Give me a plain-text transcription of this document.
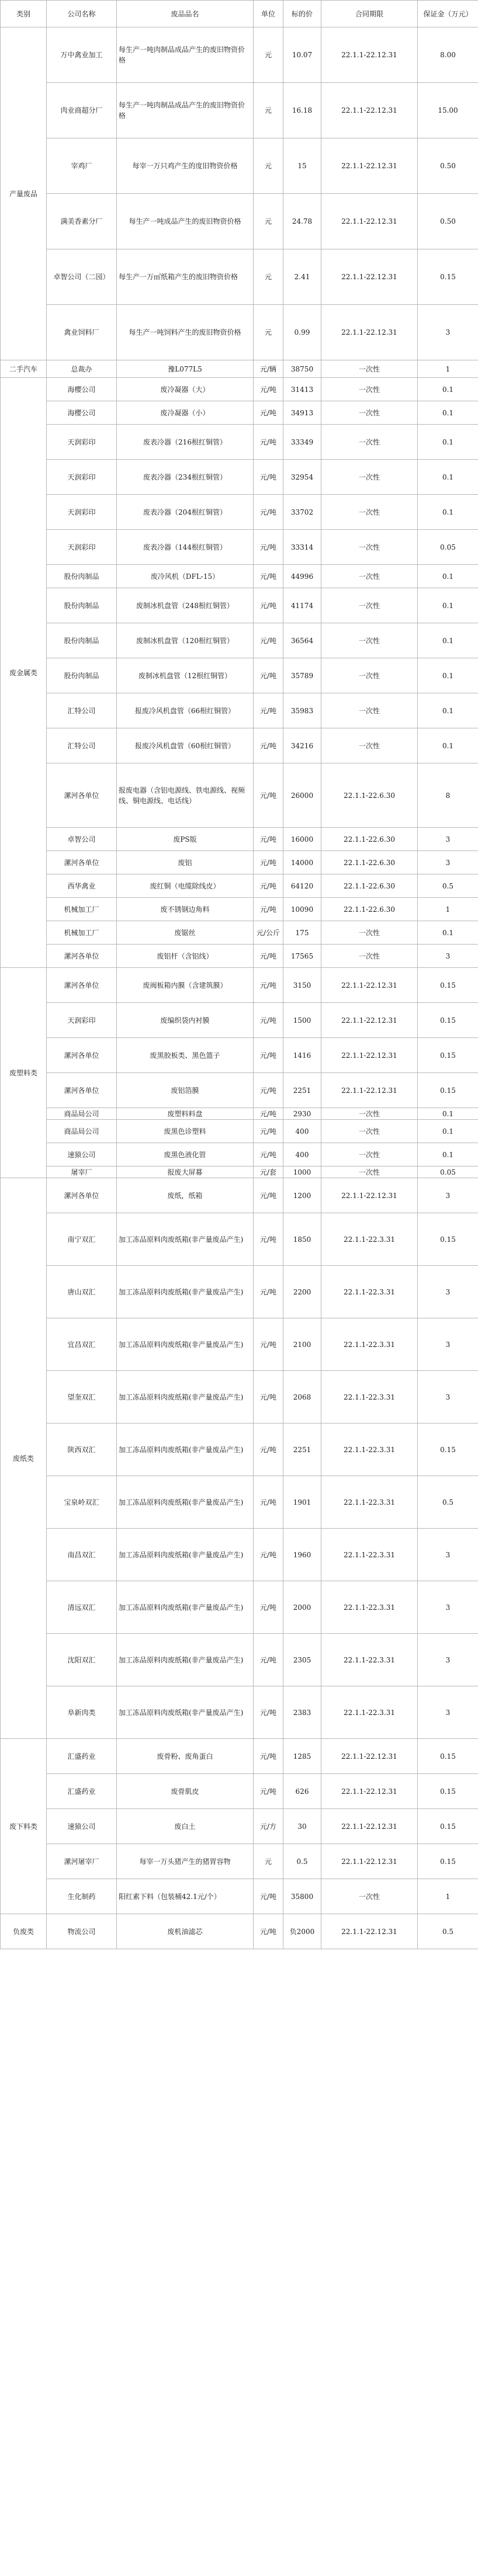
类别	公司名称	废品品名	单位	标的价	合同期限	保证金（万元）
产量废品	万中禽业加工	每生产一吨肉制品成品产生的废旧物资价格	元	10.07	22.1.1-22.12.31	8.00
	肉业商超分厂	每生产一吨肉制品成品产生的废旧物资价格	元	16.18	22.1.1-22.12.31	15.00
	宰鸡厂	每宰一万只鸡产生的度旧物资价格	元	15	22.1.1-22.12.31	0.50
	满美香素分厂	每生产一吨成品产生的废旧物资价格	元	24.78	22.1.1-22.12.31	0.50
	卓智公司（二园）	每生产一万㎡纸箱产生的废旧物资价格	元	2.41	22.1.1-22.12.31	0.15
	禽业饲料厂	每生产一吨饲料产生的废旧物资价格	元	0.99	22.1.1-22.12.31	3
二手汽车	总裁办	豫L077L5	元/辆	38750	一次性	1
废金属类	海樱公司	废冷凝器（大）	元/吨	31413	一次性	0.1
	海樱公司	废冷凝器（小）	元/吨	34913	一次性	0.1
	天润彩印	废表冷器（216根红铜管）	元/吨	33349	一次性	0.1
	天润彩印	废表冷器（234根红铜管）	元/吨	32954	一次性	0.1
	天润彩印	废表冷器（204根红铜管）	元/吨	33702	一次性	0.1
	天润彩印	废表冷器（144根红铜管）	元/吨	33314	一次性	0.05
	股份肉制品	废冷风机（DFL-15）	元/吨	44996	一次性	0.1
	股份肉制品	废制冰机盘管（248根红铜管）	元/吨	41174	一次性	0.1
	股份肉制品	废制冰机盘管（120根红铜管）	元/吨	36564	一次性	0.1
	股份肉制品	废制冰机盘管（12根红铜管）	元/吨	35789	一次性	0.1
	汇特公司	报废冷风机盘管（66根红铜管）	元/吨	35983	一次性	0.1
	汇特公司	报废冷风机盘管（60根红铜管）	元/吨	34216	一次性	0.1
	漯河各单位	报废电器（含铝电源线、铁电源线、视频线、铜电源线、电话线）	元/吨	26000	22.1.1-22.6.30	8
	卓智公司	废PS版	元/吨	16000	22.1.1-22.6.30	3
	漯河各单位	废铝	元/吨	14000	22.1.1-22.6.30	3
	西华禽业	废红铜（电缆除线皮）	元/吨	64120	22.1.1-22.6.30	0.5
	机械加工厂	废不锈钢边角料	元/吨	10090	22.1.1-22.6.30	1
	机械加工厂	废锯丝	元/公斤	175	一次性	0.1
	漯河各单位	废铝杆（含铝线）	元/吨	17565	一次性	3
废塑料类	漯河各单位	废阀板箱内膜（含建筑膜）	元/吨	3150	22.1.1-22.12.31	0.15
	天润彩印	废编织袋内衬膜	元/吨	1500	22.1.1-22.12.31	0.15
	漯河各单位	废黑胶板类、黑色篮子	元/吨	1416	22.1.1-22.12.31	0.15
	漯河各单位	废铝箔膜	元/吨	2251	22.1.1-22.12.31	0.15
	商品局公司	废塑料料盘	元/吨	2930	一次性	0.1
	商品局公司	废黑色诊塑料	元/吨	400	一次性	0.1
	速猿公司	废黑色液化管	元/吨	400	一次性	0.1
	屠宰厂	报废大屏幕	元/套	1000	一次性	0.05
废纸类	漯河各单位	废纸，纸箱	元/吨	1200	22.1.1-22.12.31	3
	南宁双汇	加工冻品原料肉废纸箱(非产量废品产生)	元/吨	1850	22.1.1-22.3.31	0.15
	唐山双汇	加工冻品原料肉废纸箱(非产量废品产生)	元/吨	2200	22.1.1-22.3.31	3
	宜昌双汇	加工冻品原料肉废纸箱(非产量废品产生)	元/吨	2100	22.1.1-22.3.31	3
	望奎双汇	加工冻品原料肉废纸箱(非产量废品产生)	元/吨	2068	22.1.1-22.3.31	3
	陕西双汇	加工冻品原料肉废纸箱(非产量废品产生)	元/吨	2251	22.1.1-22.3.31	0.15
	宝泉岭双汇	加工冻品原料肉废纸箱(非产量废品产生)	元/吨	1901	22.1.1-22.3.31	0.5
	南昌双汇	加工冻品原料肉废纸箱(非产量废品产生)	元/吨	1960	22.1.1-22.3.31	3
	清远双汇	加工冻品原料肉废纸箱(非产量废品产生)	元/吨	2000	22.1.1-22.3.31	3
	沈阳双汇	加工冻品原料肉废纸箱(非产量废品产生)	元/吨	2305	22.1.1-22.3.31	3
	阜新肉类	加工冻品原料肉废纸箱(非产量废品产生)	元/吨	2383	22.1.1-22.3.31	3
废下料类	汇盛药业	废骨粉、废角蛋白	元/吨	1285	22.1.1-22.12.31	0.15
	汇盛药业	废骨肌皮	元/吨	626	22.1.1-22.12.31	0.15
	速猿公司	废白土	元/方	30	22.1.1-22.12.31	0.15
	漯河屠宰厂	每宰一万头猪产生的猪胃容物	元	0.5	22.1.1-22.12.31	0.15
	生化制药	阳红素下料（包装桶42.1元/个）	元/吨	35800	一次性	1
负废类	物流公司	废机油滤芯	元/吨	负2000	22.1.1-22.12.31	0.5
